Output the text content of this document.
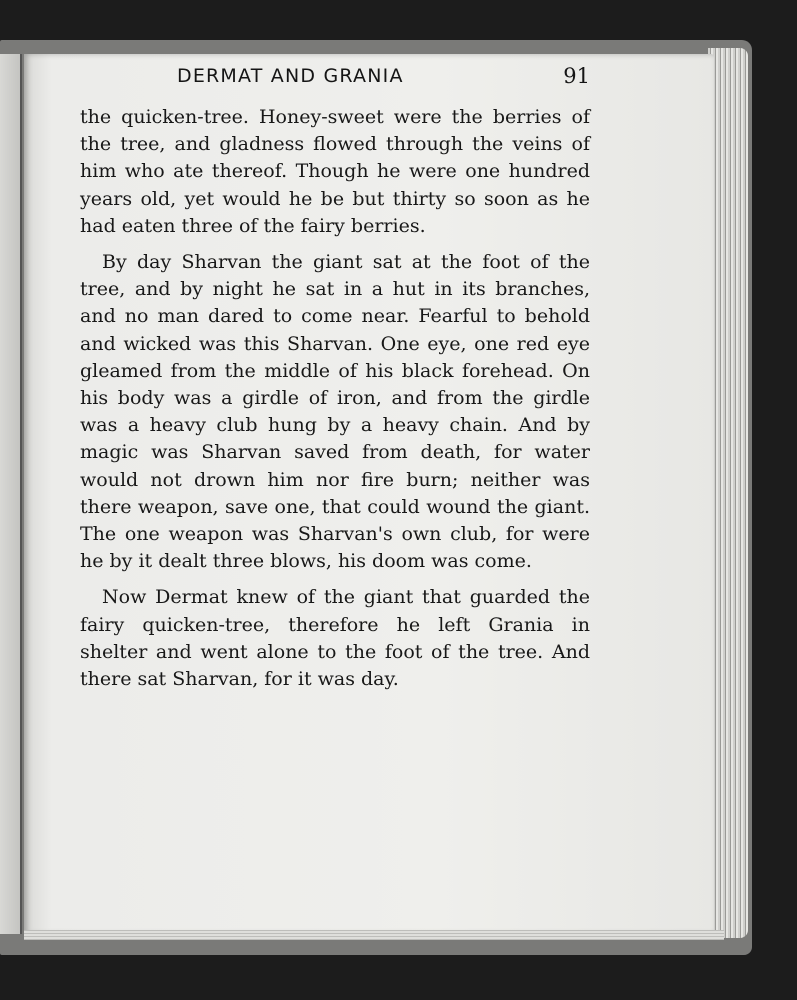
DERMAT AND GRANIA	91

the quicken-tree. Honey-sweet were the berries of the tree, and gladness flowed through the veins of him who ate thereof. Though he were one hundred years old, yet would he be but thirty so soon as he had eaten three of the fairy berries.

By day Sharvan the giant sat at the foot of the tree, and by night he sat in a hut in its branches, and no man dared to come near. Fearful to behold and wicked was this Sharvan. One eye, one red eye gleamed from the middle of his black forehead. On his body was a girdle of iron, and from the girdle was a heavy club hung by a heavy chain. And by magic was Sharvan saved from death, for water would not drown him nor fire burn; neither was there weapon, save one, that could wound the giant. The one weapon was Sharvan's own club, for were he by it dealt three blows, his doom was come.

Now Dermat knew of the giant that guarded the fairy quicken-tree, therefore he left Grania in shelter and went alone to the foot of the tree. And there sat Sharvan, for it was day.
